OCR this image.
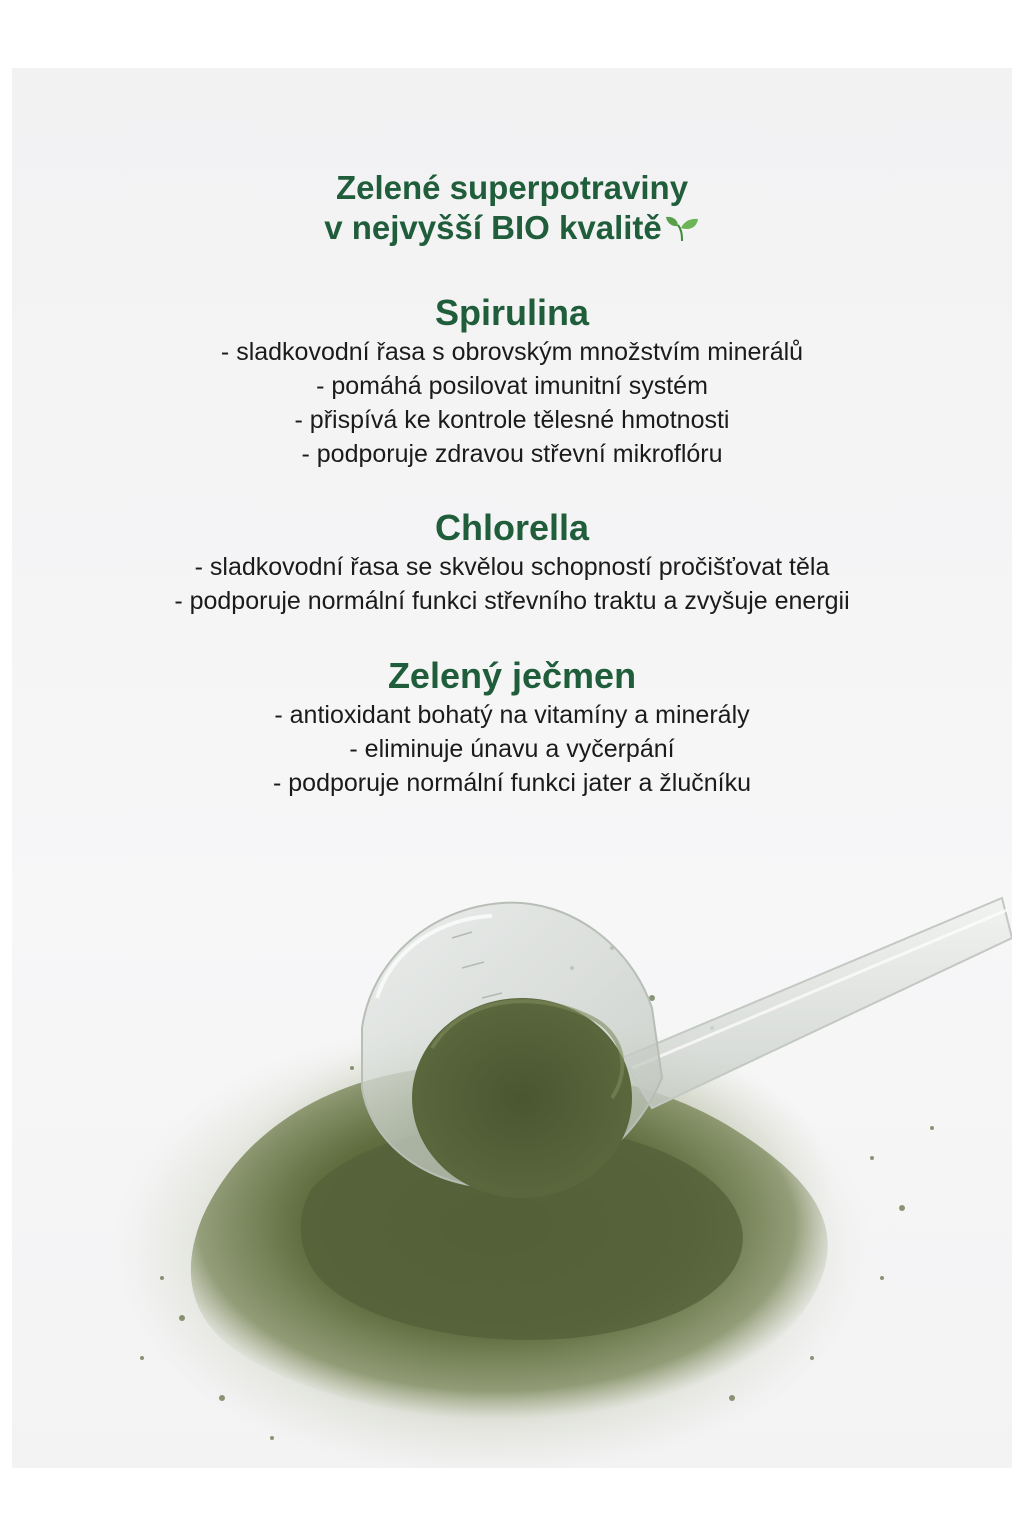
Zelené superpotraviny
v nejvyšší BIO kvalitě
Spirulina
- sladkovodní řasa s obrovským množstvím minerálů
- pomáhá posilovat imunitní systém
- přispívá ke kontrole tělesné hmotnosti
- podporuje zdravou střevní mikroflóru
Chlorella
- sladkovodní řasa se skvělou schopností pročišťovat těla
- podporuje normální funkci střevního traktu a zvyšuje energii
Zelený ječmen
- antioxidant bohatý na vitamíny a minerály
- eliminuje únavu a vyčerpání
- podporuje normální funkci jater a žlučníku
